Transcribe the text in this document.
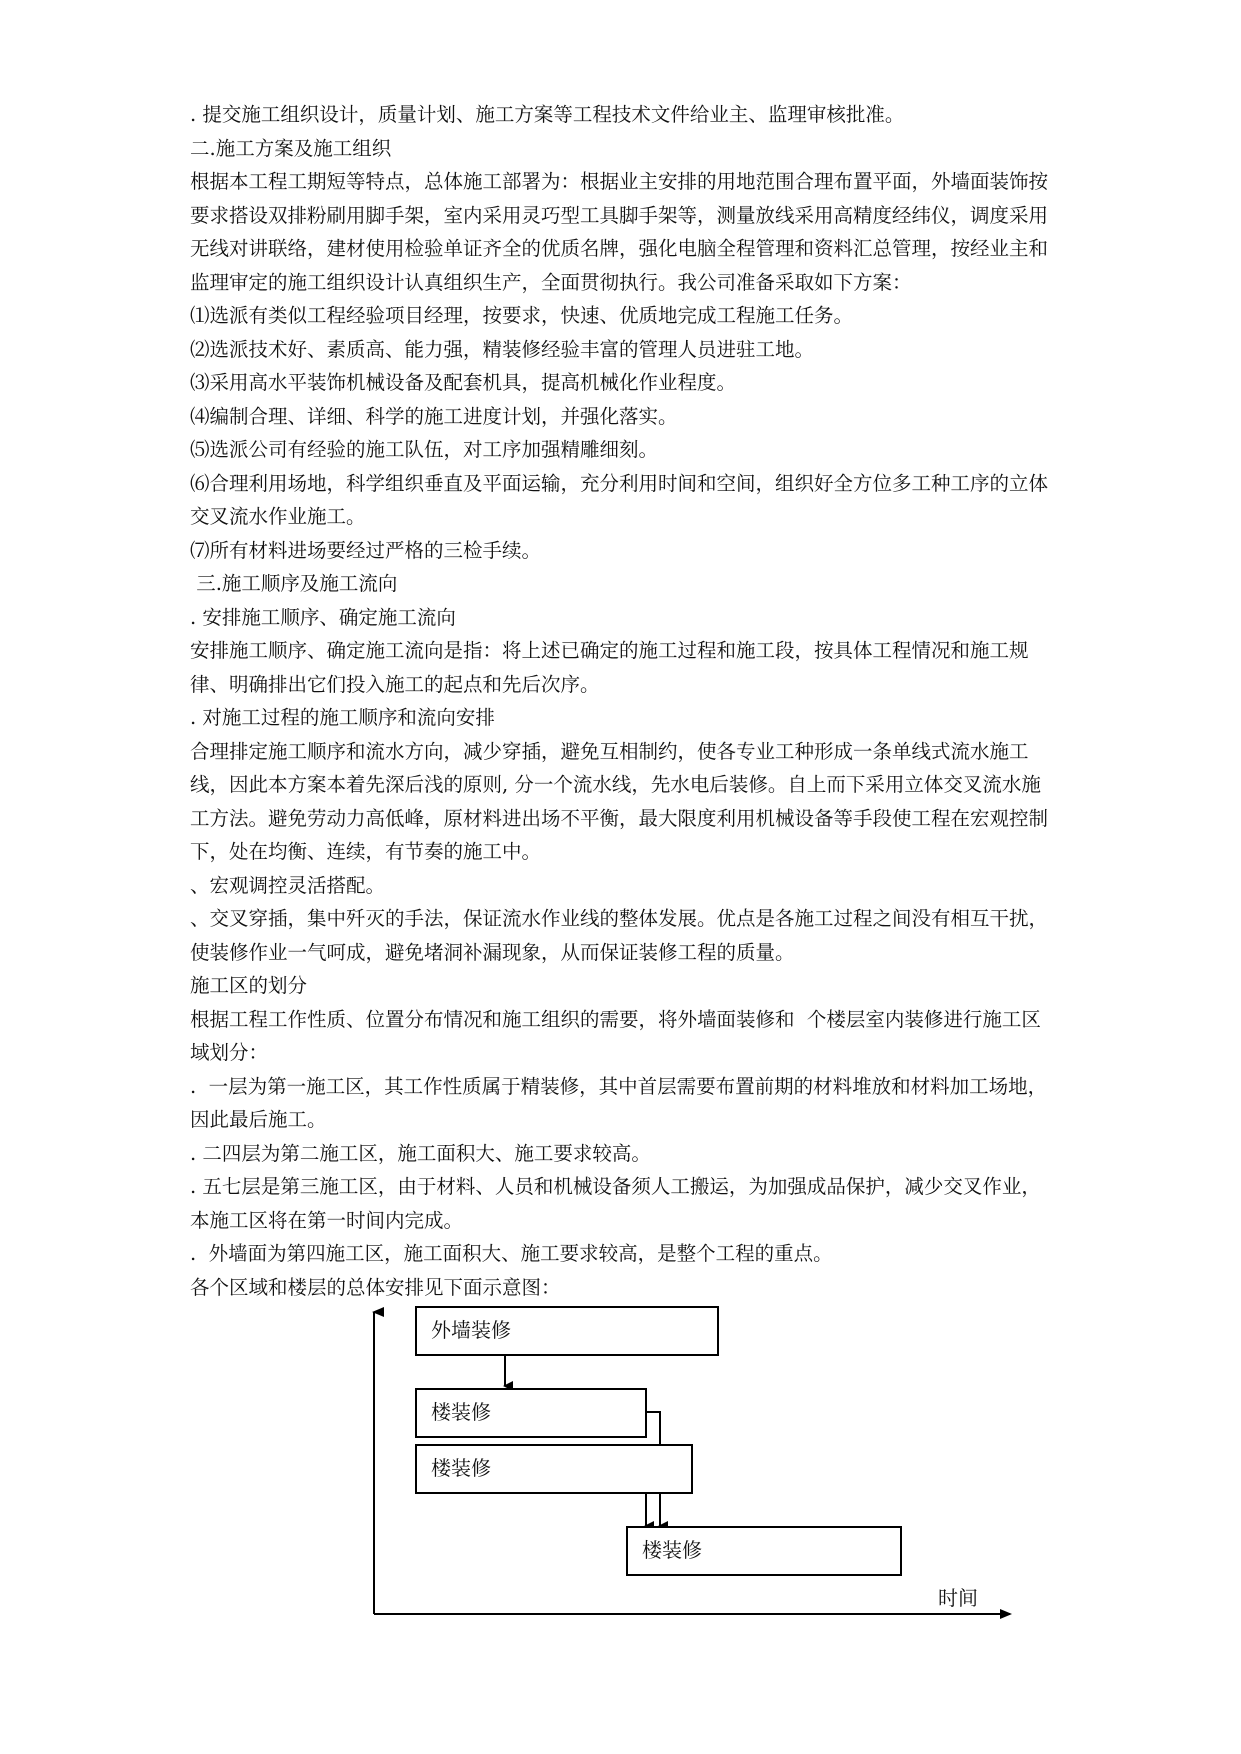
. 提交施工组织设计，质量计划、施工方案等工程技术文件给业主、监理审核批准。

二.施工方案及施工组织

根据本工程工期短等特点，总体施工部署为：根据业主安排的用地范围合理布置平面，外墙面装饰按要求搭设双排粉刷用脚手架，室内采用灵巧型工具脚手架等，测量放线采用高精度经纬仪，调度采用无线对讲联络，建材使用检验单证齐全的优质名牌，强化电脑全程管理和资料汇总管理，按经业主和监理审定的施工组织设计认真组织生产，全面贯彻执行。我公司准备采取如下方案：

⑴选派有类似工程经验项目经理，按要求，快速、优质地完成工程施工任务。

⑵选派技术好、素质高、能力强，精装修经验丰富的管理人员进驻工地。

⑶采用高水平装饰机械设备及配套机具，提高机械化作业程度。

⑷编制合理、详细、科学的施工进度计划，并强化落实。

⑸选派公司有经验的施工队伍，对工序加强精雕细刻。

⑹合理利用场地，科学组织垂直及平面运输，充分利用时间和空间，组织好全方位多工种工序的立体交叉流水作业施工。

⑺所有材料进场要经过严格的三检手续。

三.施工顺序及施工流向

. 安排施工顺序、确定施工流向

安排施工顺序、确定施工流向是指：将上述已确定的施工过程和施工段，按具体工程情况和施工规律、明确排出它们投入施工的起点和先后次序。

. 对施工过程的施工顺序和流向安排

合理排定施工顺序和流水方向，减少穿插，避免互相制约，使各专业工种形成一条单线式流水施工线，因此本方案本着先深后浅的原则, 分一个流水线，先水电后装修。自上而下采用立体交叉流水施工方法。避免劳动力高低峰，原材料进出场不平衡，最大限度利用机械设备等手段使工程在宏观控制下，处在均衡、连续，有节奏的施工中。

、宏观调控灵活搭配。

、交叉穿插，集中歼灭的手法，保证流水作业线的整体发展。优点是各施工过程之间没有相互干扰，使装修作业一气呵成，避免堵洞补漏现象，从而保证装修工程的质量。

施工区的划分

根据工程工作性质、位置分布情况和施工组织的需要，将外墙面装修和  个楼层室内装修进行施工区域划分：

.  一层为第一施工区，其工作性质属于精装修，其中首层需要布置前期的材料堆放和材料加工场地，因此最后施工。

. 二四层为第二施工区，施工面积大、施工要求较高。

. 五七层是第三施工区，由于材料、人员和机械设备须人工搬运，为加强成品保护，减少交叉作业，本施工区将在第一时间内完成。

.  外墙面为第四施工区，施工面积大、施工要求较高，是整个工程的重点。

各个区域和楼层的总体安排见下面示意图：

外墙装修
楼装修
楼装修
楼装修
时间
